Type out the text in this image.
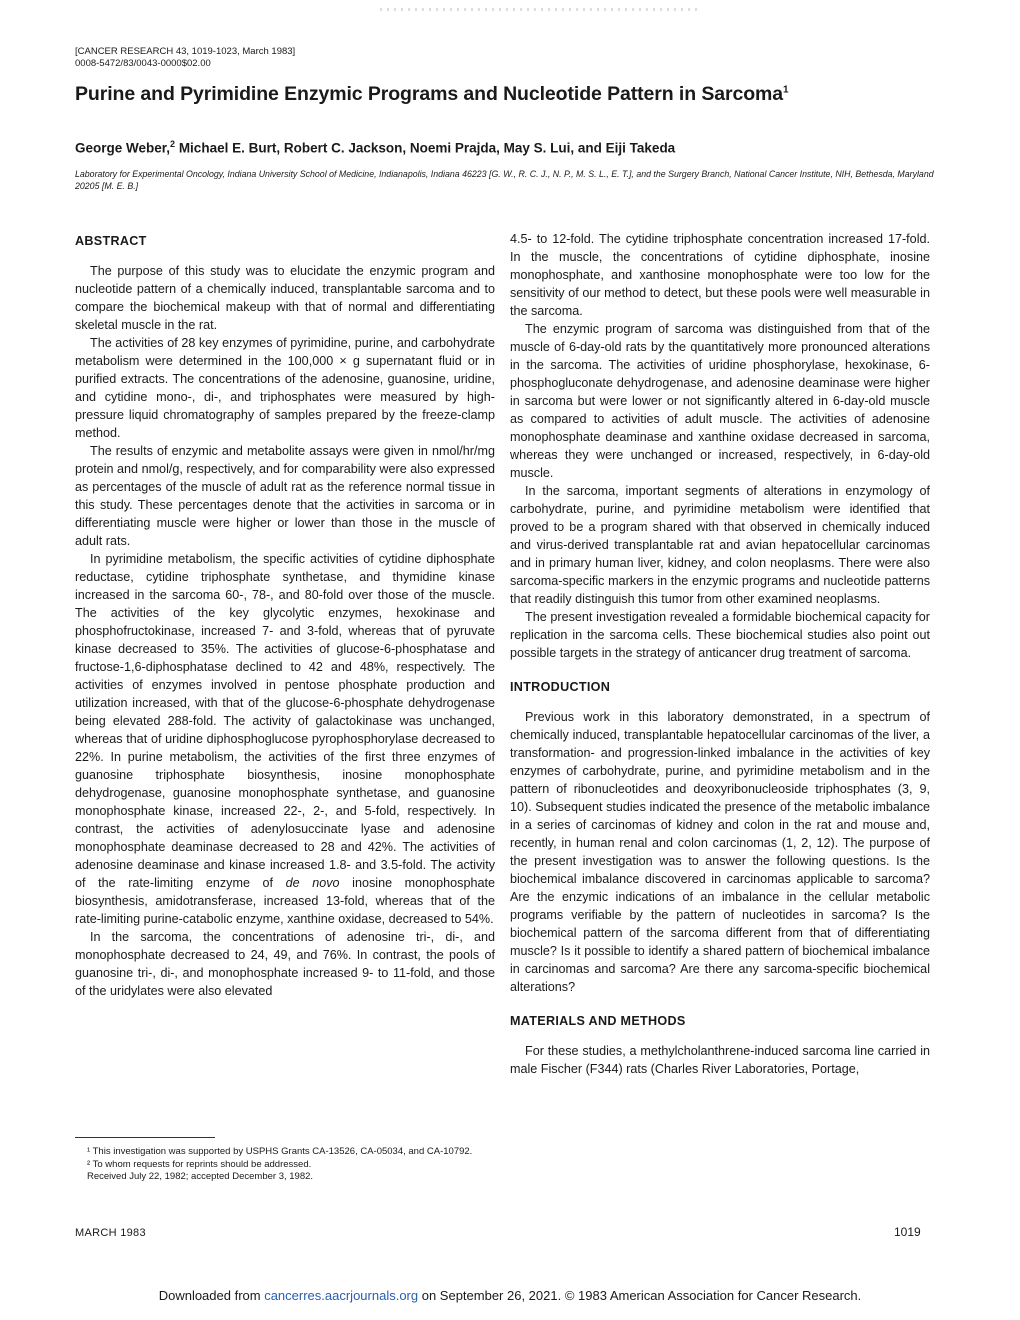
[CANCER RESEARCH 43, 1019-1023, March 1983]
0008-5472/83/0043-0000$02.00
Purine and Pyrimidine Enzymic Programs and Nucleotide Pattern in Sarcoma$^1$
George Weber,$^2$ Michael E. Burt, Robert C. Jackson, Noemi Prajda, May S. Lui, and Eiji Takeda
Laboratory for Experimental Oncology, Indiana University School of Medicine, Indianapolis, Indiana 46223 [G. W., R. C. J., N. P., M. S. L., E. T.], and the Surgery Branch, National Cancer Institute, NIH, Bethesda, Maryland 20205 [M. E. B.]
ABSTRACT

The purpose of this study was to elucidate the enzymic program and nucleotide pattern of a chemically induced, transplantable sarcoma and to compare the biochemical makeup with that of normal and differentiating skeletal muscle in the rat.

The activities of 28 key enzymes of pyrimidine, purine, and carbohydrate metabolism were determined in the 100,000 × g supernatant fluid or in purified extracts. The concentrations of the adenosine, guanosine, uridine, and cytidine mono-, di-, and triphosphates were measured by high-pressure liquid chromatography of samples prepared by the freeze-clamp method.

The results of enzymic and metabolite assays were given in nmol/hr/mg protein and nmol/g, respectively, and for comparability were also expressed as percentages of the muscle of adult rat as the reference normal tissue in this study. These percentages denote that the activities in sarcoma or in differentiating muscle were higher or lower than those in the muscle of adult rats.

In pyrimidine metabolism, the specific activities of cytidine diphosphate reductase, cytidine triphosphate synthetase, and thymidine kinase increased in the sarcoma 60-, 78-, and 80-fold over those of the muscle. The activities of the key glycolytic enzymes, hexokinase and phosphofructokinase, increased 7- and 3-fold, whereas that of pyruvate kinase decreased to 35%. The activities of glucose-6-phosphatase and fructose-1,6-diphosphatase declined to 42 and 48%, respectively. The activities of enzymes involved in pentose phosphate production and utilization increased, with that of the glucose-6-phosphate dehydrogenase being elevated 288-fold. The activity of galactokinase was unchanged, whereas that of uridine diphosphoglucose pyrophosphorylase decreased to 22%. In purine metabolism, the activities of the first three enzymes of guanosine triphosphate biosynthesis, inosine monophosphate dehydrogenase, guanosine monophosphate synthetase, and guanosine monophosphate kinase, increased 22-, 2-, and 5-fold, respectively. In contrast, the activities of adenylosuccinate lyase and adenosine monophosphate deaminase decreased to 28 and 42%. The activities of adenosine deaminase and kinase increased 1.8- and 3.5-fold. The activity of the rate-limiting enzyme of de novo inosine monophosphate biosynthesis, amidotransferase, increased 13-fold, whereas that of the rate-limiting purine-catabolic enzyme, xanthine oxidase, decreased to 54%.

In the sarcoma, the concentrations of adenosine tri-, di-, and monophosphate decreased to 24, 49, and 76%. In contrast, the pools of guanosine tri-, di-, and monophosphate increased 9- to 11-fold, and those of the uridylates were also elevated

4.5- to 12-fold. The cytidine triphosphate concentration increased 17-fold. In the muscle, the concentrations of cytidine diphosphate, inosine monophosphate, and xanthosine monophosphate were too low for the sensitivity of our method to detect, but these pools were well measurable in the sarcoma.

The enzymic program of sarcoma was distinguished from that of the muscle of 6-day-old rats by the quantitatively more pronounced alterations in the sarcoma. The activities of uridine phosphorylase, hexokinase, 6-phosphogluconate dehydrogenase, and adenosine deaminase were higher in sarcoma but were lower or not significantly altered in 6-day-old muscle as compared to activities of adult muscle. The activities of adenosine monophosphate deaminase and xanthine oxidase decreased in sarcoma, whereas they were unchanged or increased, respectively, in 6-day-old muscle.

In the sarcoma, important segments of alterations in enzymology of carbohydrate, purine, and pyrimidine metabolism were identified that proved to be a program shared with that observed in chemically induced and virus-derived transplantable rat and avian hepatocellular carcinomas and in primary human liver, kidney, and colon neoplasms. There were also sarcoma-specific markers in the enzymic programs and nucleotide patterns that readily distinguish this tumor from other examined neoplasms.

The present investigation revealed a formidable biochemical capacity for replication in the sarcoma cells. These biochemical studies also point out possible targets in the strategy of anticancer drug treatment of sarcoma.

INTRODUCTION

Previous work in this laboratory demonstrated, in a spectrum of chemically induced, transplantable hepatocellular carcinomas of the liver, a transformation- and progression-linked imbalance in the activities of key enzymes of carbohydrate, purine, and pyrimidine metabolism and in the pattern of ribonucleotides and deoxyribonucleoside triphosphates (3, 9, 10). Subsequent studies indicated the presence of the metabolic imbalance in a series of carcinomas of kidney and colon in the rat and mouse and, recently, in human renal and colon carcinomas (1, 2, 12). The purpose of the present investigation was to answer the following questions. Is the biochemical imbalance discovered in carcinomas applicable to sarcoma? Are the enzymic indications of an imbalance in the cellular metabolic programs verifiable by the pattern of nucleotides in sarcoma? Is the biochemical pattern of the sarcoma different from that of differentiating muscle? Is it possible to identify a shared pattern of biochemical imbalance in carcinomas and sarcoma? Are there any sarcoma-specific biochemical alterations?

MATERIALS AND METHODS

For these studies, a methylcholanthrene-induced sarcoma line carried in male Fischer (F344) rats (Charles River Laboratories, Portage,

¹ This investigation was supported by USPHS Grants CA-13526, CA-05034, and CA-10792.
² To whom requests for reprints should be addressed.
Received July 22, 1982; accepted December 3, 1982.
MARCH 1983	1019
Downloaded from cancerres.aacrjournals.org on September 26, 2021. © 1983 American Association for Cancer Research.
